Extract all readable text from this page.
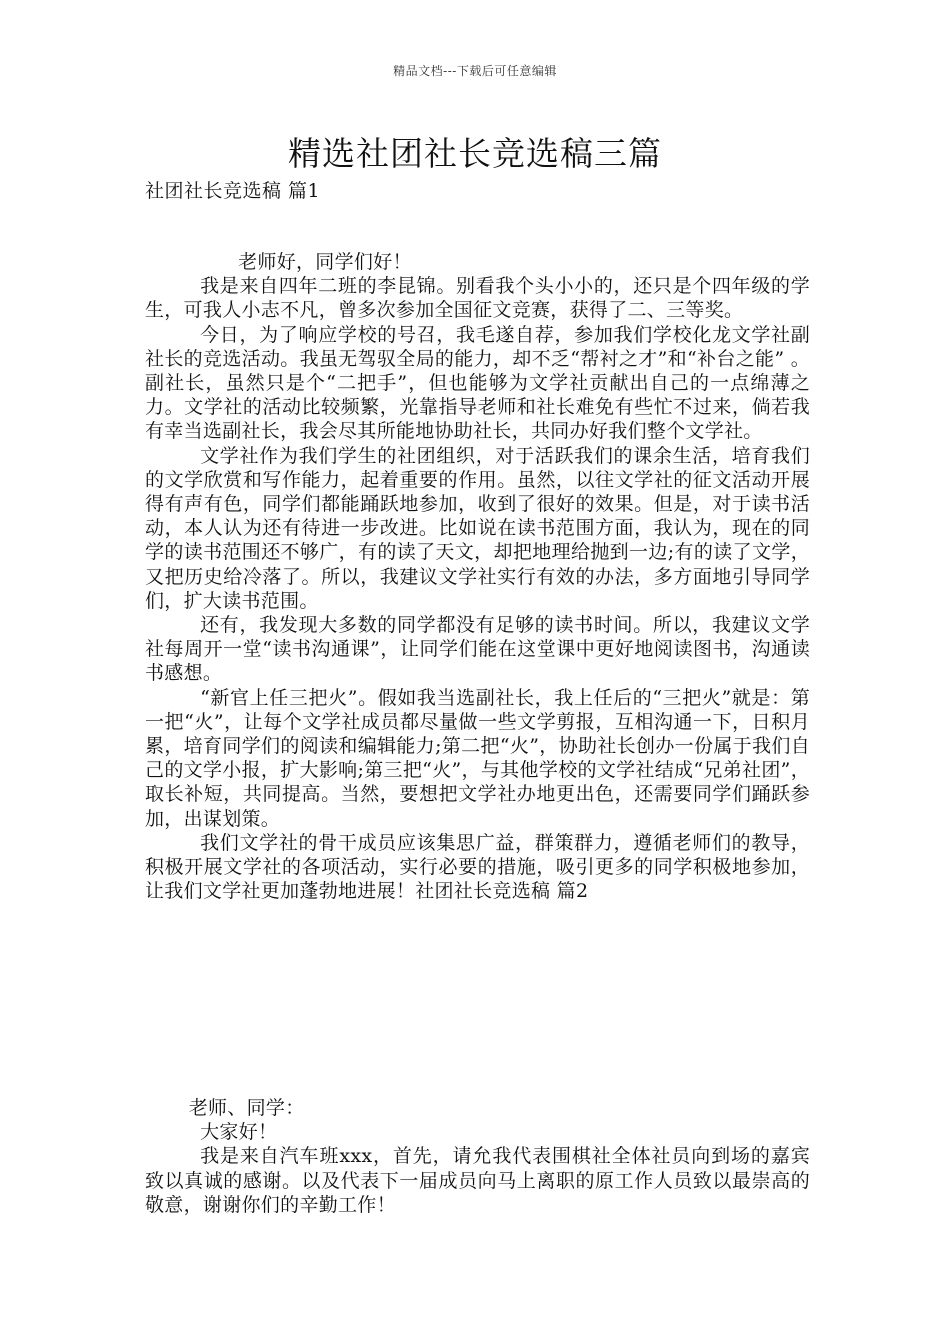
精品文档---下载后可任意编辑
精选社团社长竞选稿三篇
社团社长竞选稿 篇1

老师好，同学们好！

我是来自四年二班的李昆锦。别看我个头小小的，还只是个四年级的学生，可我人小志不凡，曾多次参加全国征文竞赛，获得了二、三等奖。

今日，为了响应学校的号召，我毛遂自荐，参加我们学校化龙文学社副社长的竞选活动。我虽无驾驭全局的能力，却不乏“帮衬之才”和“补台之能” 。副社长，虽然只是个“二把手”，但也能够为文学社贡献出自己的一点绵薄之力。文学社的活动比较频繁，光靠指导老师和社长难免有些忙不过来，倘若我有幸当选副社长，我会尽其所能地协助社长，共同办好我们整个文学社。

文学社作为我们学生的社团组织，对于活跃我们的课余生活，培育我们的文学欣赏和写作能力，起着重要的作用。虽然，以往文学社的征文活动开展得有声有色，同学们都能踊跃地参加，收到了很好的效果。但是，对于读书活动，本人认为还有待进一步改进。比如说在读书范围方面，我认为，现在的同学的读书范围还不够广，有的读了天文，却把地理给抛到一边;有的读了文学，又把历史给冷落了。所以，我建议文学社实行有效的办法，多方面地引导同学们，扩大读书范围。

还有，我发现大多数的同学都没有足够的读书时间。所以，我建议文学社每周开一堂“读书沟通课”，让同学们能在这堂课中更好地阅读图书，沟通读书感想。

“新官上任三把火”。假如我当选副社长，我上任后的“三把火”就是：第一把“火”，让每个文学社成员都尽量做一些文学剪报，互相沟通一下，日积月累，培育同学们的阅读和编辑能力;第二把“火”，协助社长创办一份属于我们自己的文学小报，扩大影响;第三把“火”，与其他学校的文学社结成“兄弟社团”，取长补短，共同提高。当然，要想把文学社办地更出色，还需要同学们踊跃参加，出谋划策。

我们文学社的骨干成员应该集思广益，群策群力，遵循老师们的教导，积极开展文学社的各项活动，实行必要的措施，吸引更多的同学积极地参加，让我们文学社更加蓬勃地进展！社团社长竞选稿 篇2

老师、同学：

大家好！

我是来自汽车班xxx，首先，请允我代表围棋社全体社员向到场的嘉宾致以真诚的感谢。以及代表下一届成员向马上离职的原工作人员致以最崇高的敬意，谢谢你们的辛勤工作！
